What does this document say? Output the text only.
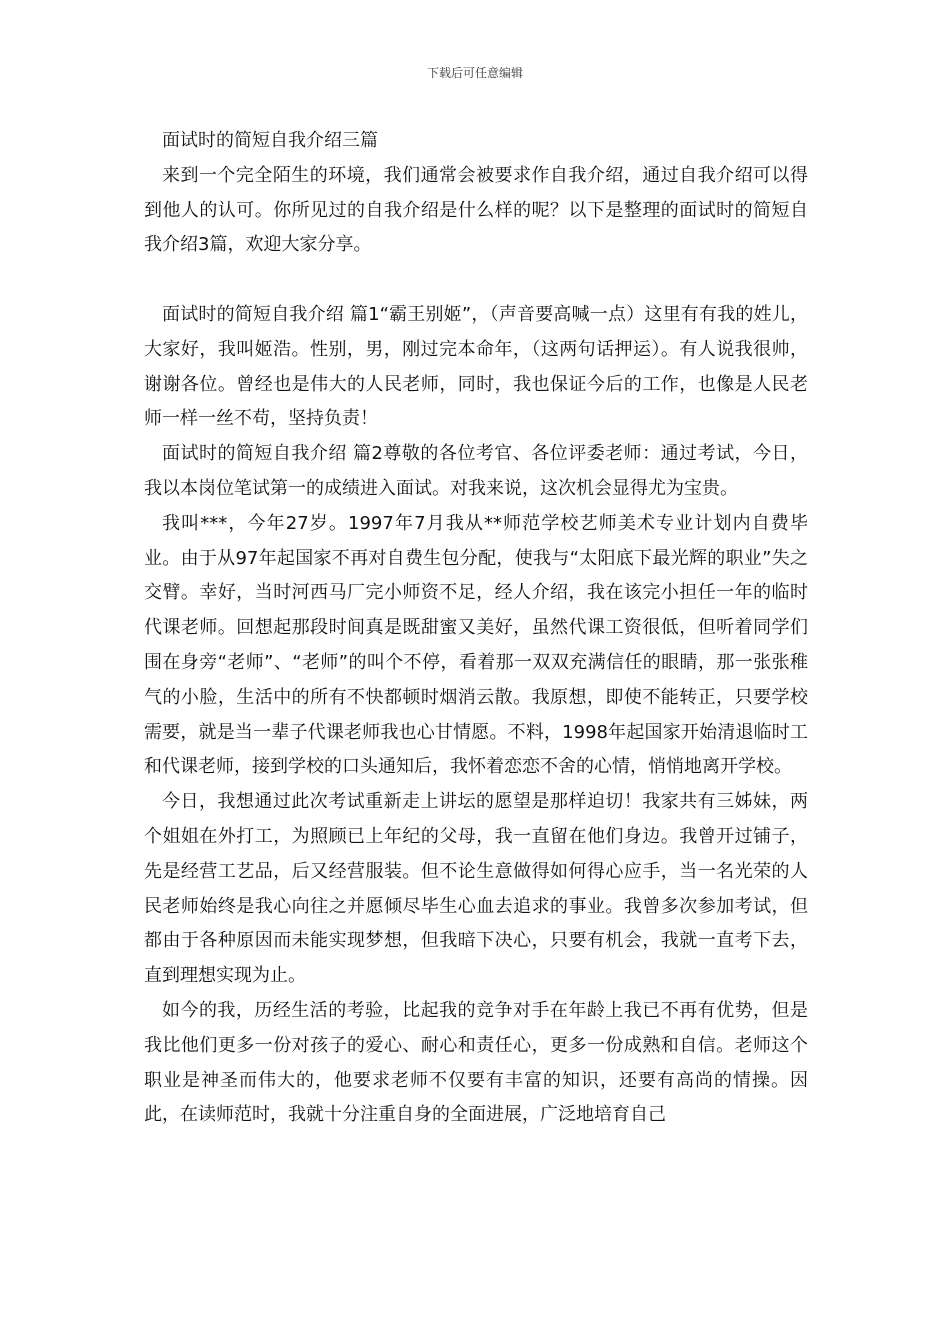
下载后可任意编辑

面试时的简短自我介绍三篇

来到一个完全陌生的环境，我们通常会被要求作自我介绍，通过自我介绍可以得到他人的认可。你所见过的自我介绍是什么样的呢？以下是整理的面试时的简短自我介绍3篇，欢迎大家分享。

面试时的简短自我介绍 篇1“霸王别姬”，（声音要高喊一点）这里有有我的姓儿，大家好，我叫姬浩。性别，男，刚过完本命年，（这两句话押运）。有人说我很帅，谢谢各位。曾经也是伟大的人民老师，同时，我也保证今后的工作，也像是人民老师一样一丝不苟，坚持负责！

面试时的简短自我介绍 篇2尊敬的各位考官、各位评委老师：通过考试，今日，我以本岗位笔试第一的成绩进入面试。对我来说，这次机会显得尤为宝贵。

我叫***，今年27岁。1997年7月我从**师范学校艺师美术专业计划内自费毕业。由于从97年起国家不再对自费生包分配，使我与“太阳底下最光辉的职业”失之交臂。幸好，当时河西马厂完小师资不足，经人介绍，我在该完小担任一年的临时代课老师。回想起那段时间真是既甜蜜又美好，虽然代课工资很低，但听着同学们围在身旁“老师”、“老师”的叫个不停，看着那一双双充满信任的眼睛，那一张张稚气的小脸，生活中的所有不快都顿时烟消云散。我原想，即使不能转正，只要学校需要，就是当一辈子代课老师我也心甘情愿。不料，1998年起国家开始清退临时工和代课老师，接到学校的口头通知后，我怀着恋恋不舍的心情，悄悄地离开学校。

今日，我想通过此次考试重新走上讲坛的愿望是那样迫切！我家共有三姊妹，两个姐姐在外打工，为照顾已上年纪的父母，我一直留在他们身边。我曾开过铺子，先是经营工艺品，后又经营服装。但不论生意做得如何得心应手，当一名光荣的人民老师始终是我心向往之并愿倾尽毕生心血去追求的事业。我曾多次参加考试，但都由于各种原因而未能实现梦想，但我暗下决心，只要有机会，我就一直考下去，直到理想实现为止。

如今的我，历经生活的考验，比起我的竞争对手在年龄上我已不再有优势，但是我比他们更多一份对孩子的爱心、耐心和责任心，更多一份成熟和自信。老师这个职业是神圣而伟大的，他要求老师不仅要有丰富的知识，还要有高尚的情操。因此，在读师范时，我就十分注重自身的全面进展，广泛地培育自己
